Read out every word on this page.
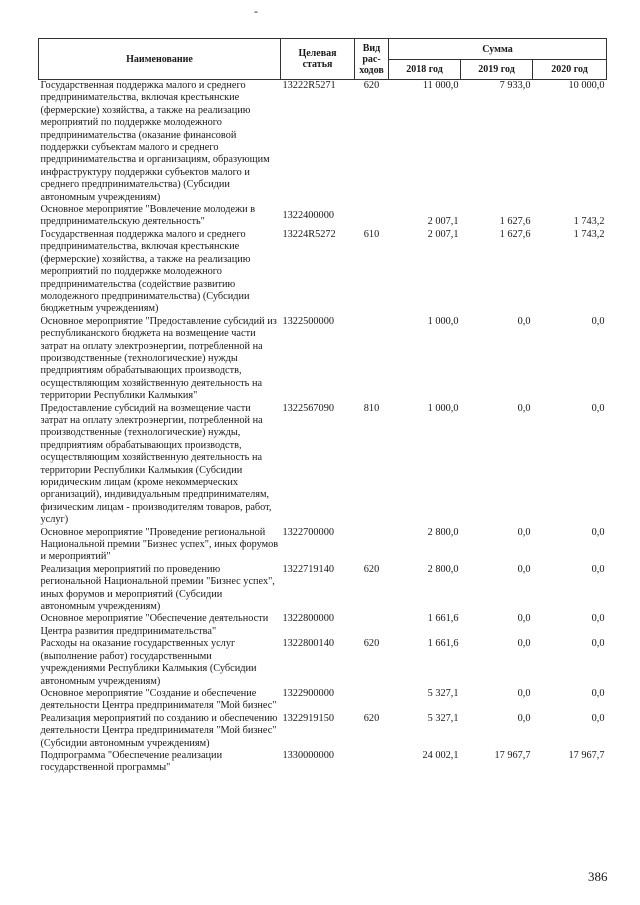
-
Наименование	Целевая статья	Вид рас-ходов	Сумма		
			2018 год	2019 год	2020 год
Государственная поддержка малого и среднего предпринимательства, включая крестьянские (фермерские) хозяйства, а также на реализацию мероприятий по поддержке молодежного предпринимательства (оказание финансовой поддержки субъектам малого и среднего предпринимательства и организациям, образующим инфраструктуру поддержки субъектов малого и среднего предпринимательства) (Субсидии автономным учреждениям)	13222R5271	620	11 000,0	7 933,0	10 000,0
Основное мероприятие "Вовлечение молодежи в предпринимательскую деятельность"	1322400000		2 007,1	1 627,6	1 743,2
Государственная поддержка малого и среднего предпринимательства, включая крестьянские (фермерские) хозяйства, а также на реализацию мероприятий по поддержке молодежного предпринимательства (содействие развитию молодежного предпринимательства) (Субсидии бюджетным учреждениям)	13224R5272	610	2 007,1	1 627,6	1 743,2
Основное мероприятие "Предоставление субсидий из республиканского бюджета на возмещение части затрат на оплату электроэнергии, потребленной на производственные (технологические) нужды предприятиям обрабатывающих производств, осуществляющим хозяйственную деятельность на территории Республики Калмыкия"	1322500000		1 000,0	0,0	0,0
Предоставление субсидий на возмещение части затрат на оплату электроэнергии, потребленной на производственные (технологические) нужды, предприятиям обрабатывающих производств, осуществляющим хозяйственную деятельность на территории Республики Калмыкия (Субсидии юридическим лицам (кроме некоммерческих организаций), индивидуальным предпринимателям, физическим лицам - производителям товаров, работ, услуг)	1322567090	810	1 000,0	0,0	0,0
Основное мероприятие "Проведение региональной Национальной премии "Бизнес успех", иных форумов и мероприятий"	1322700000		2 800,0	0,0	0,0
Реализация мероприятий по проведению региональной Национальной премии "Бизнес успех", иных форумов и мероприятий (Субсидии автономным учреждениям)	1322719140	620	2 800,0	0,0	0,0
Основное мероприятие "Обеспечение деятельности Центра развития предпринимательства"	1322800000		1 661,6	0,0	0,0
Расходы на оказание государственных услуг (выполнение работ) государственными учреждениями Республики Калмыкия (Субсидии автономным учреждениям)	1322800140	620	1 661,6	0,0	0,0
Основное мероприятие "Создание и обеспечение деятельности Центра предпринимателя "Мой бизнес"	1322900000		5 327,1	0,0	0,0
Реализация мероприятий по созданию и обеспечению деятельности Центра предпринимателя "Мой бизнес" (Субсидии автономным учреждениям)	1322919150	620	5 327,1	0,0	0,0
Подпрограмма "Обеспечение реализации государственной программы"	1330000000		24 002,1	17 967,7	17 967,7
386
